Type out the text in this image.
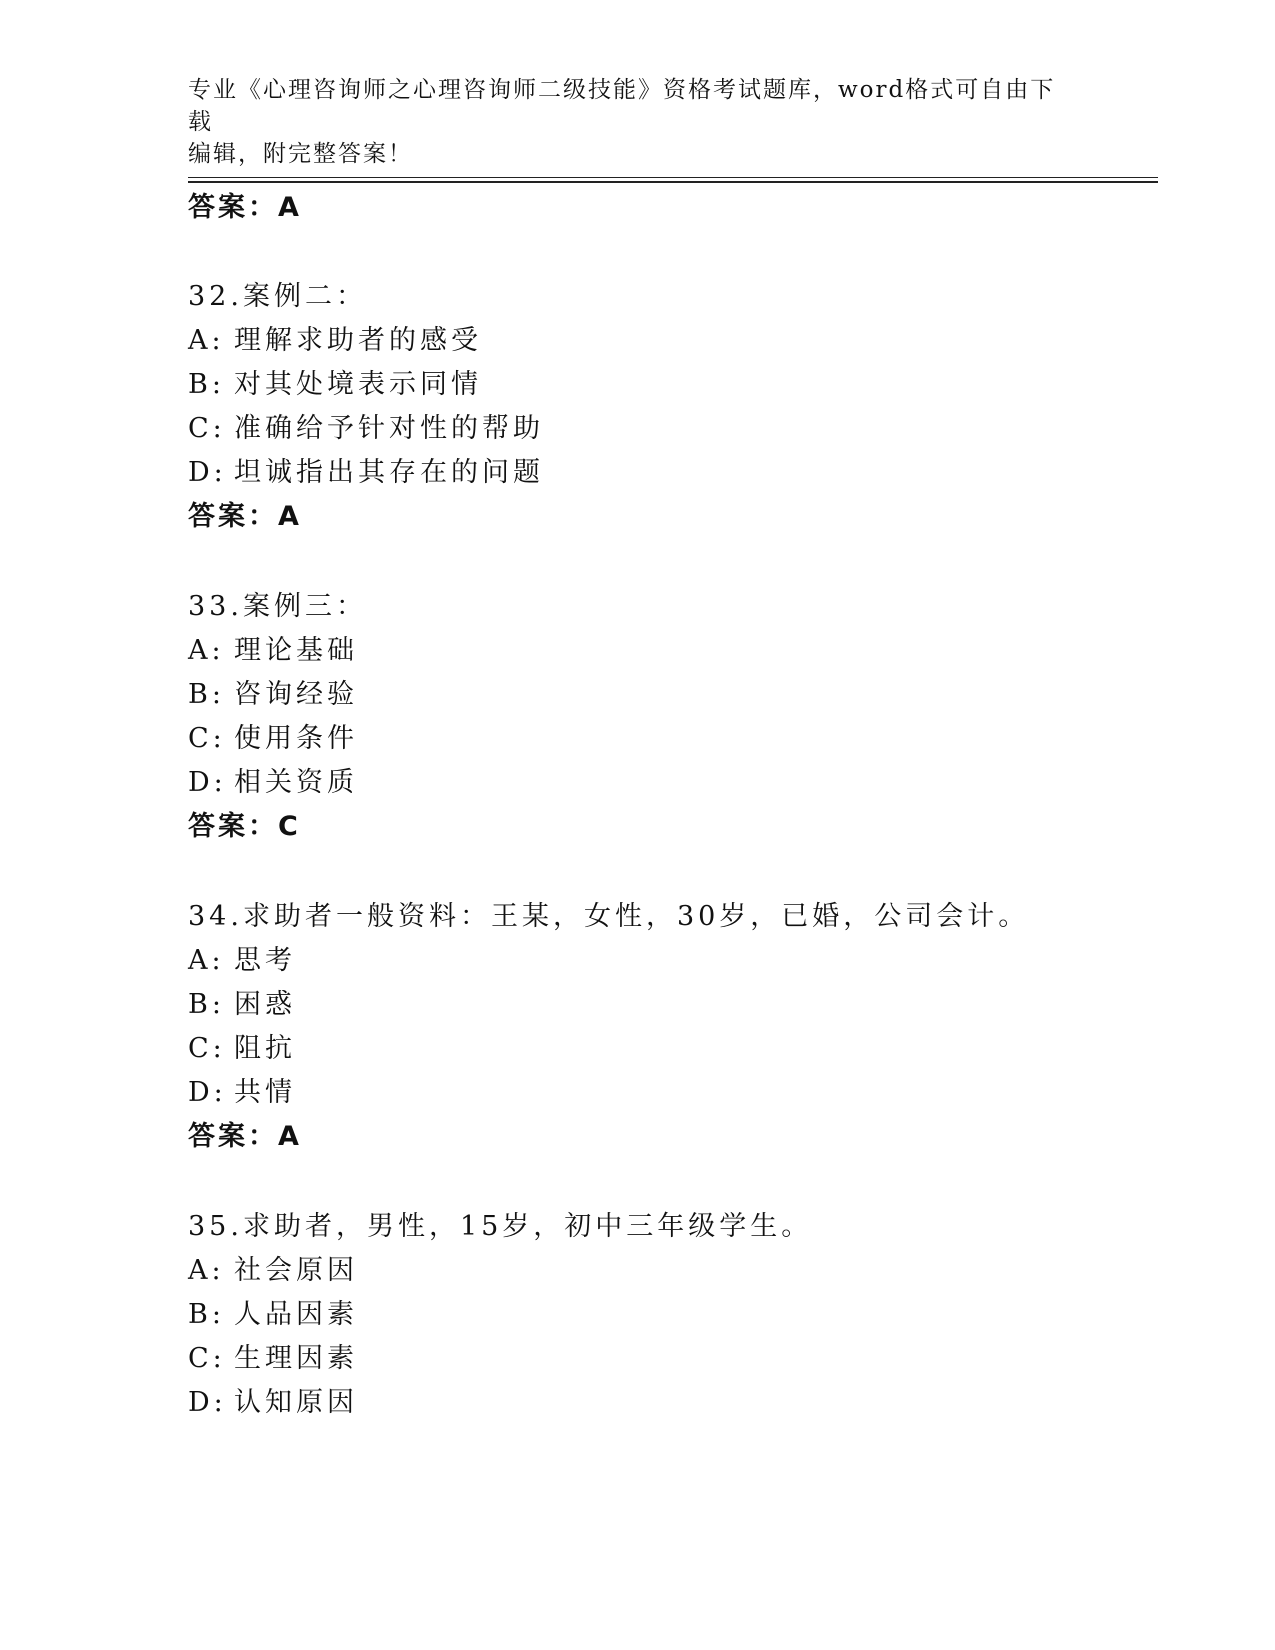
专业《心理咨询师之心理咨询师二级技能》资格考试题库，word格式可自由下载
编辑，附完整答案！
答案：A
32.案例二：
A: 理解求助者的感受
B: 对其处境表示同情
C: 准确给予针对性的帮助
D: 坦诚指出其存在的问题
答案：A
33.案例三：
A: 理论基础
B: 咨询经验
C: 使用条件
D: 相关资质
答案：C
34.求助者一般资料：王某，女性，30岁，已婚，公司会计。
A: 思考
B: 困惑
C: 阻抗
D: 共情
答案：A
35.求助者，男性，15岁，初中三年级学生。
A: 社会原因
B: 人品因素
C: 生理因素
D: 认知原因
